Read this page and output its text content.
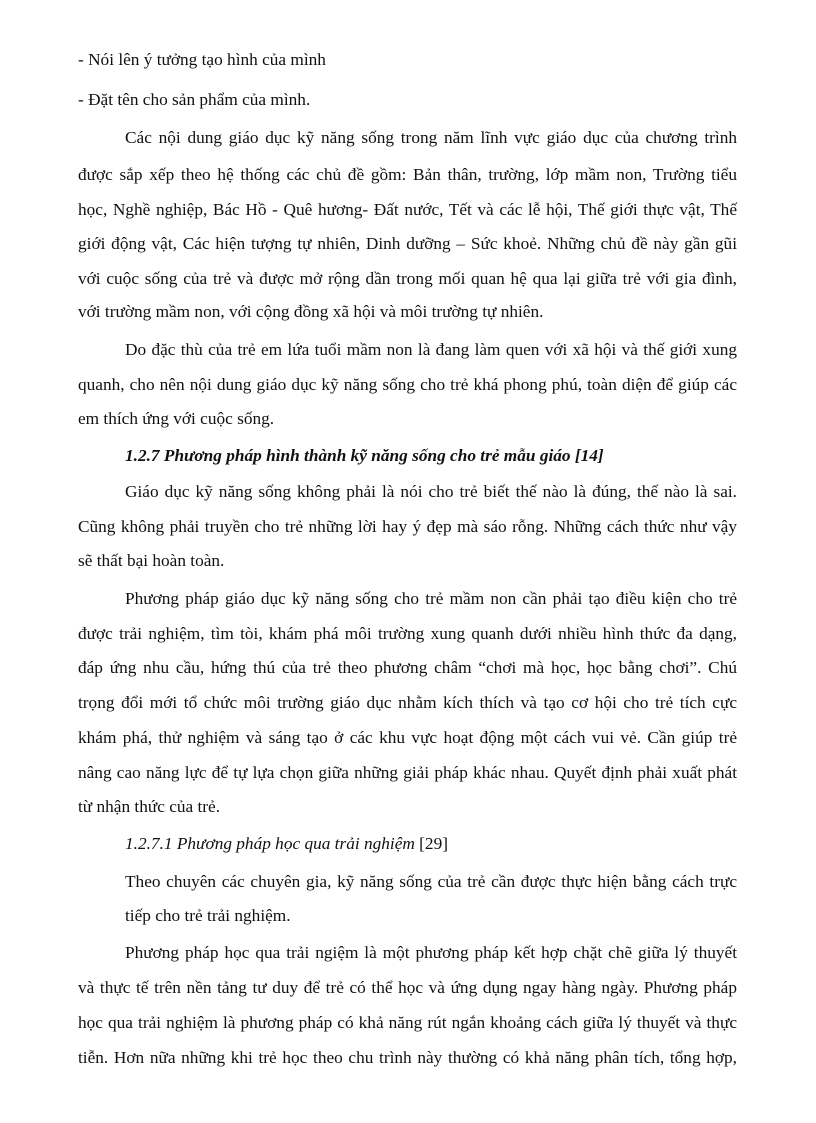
- Nói lên ý tưởng tạo hình của mình
- Đặt tên cho sản phẩm của mình.
Các nội dung giáo dục kỹ năng sống trong năm lĩnh vực giáo dục của chương trình
được sắp xếp theo hệ thống các chủ đề gồm: Bản thân, trường, lớp mầm non, Trường tiểu
học, Nghề nghiệp, Bác Hồ - Quê hương- Đất nước, Tết và các lễ hội, Thế giới thực vật, Thế
giới động vật, Các hiện tượng tự nhiên, Dinh dưỡng – Sức khoẻ. Những chủ đề này gần gũi
với cuộc sống của trẻ và được mở rộng dần trong mối quan hệ qua lại giữa trẻ với gia đình,
với trường mầm non, với cộng đồng xã hội và môi trường tự nhiên.
Do đặc thù của trẻ em lứa tuổi mầm non là đang làm quen với xã hội và thế giới xung
quanh, cho nên nội dung giáo dục kỹ năng sống cho trẻ khá phong phú, toàn diện để giúp các
em thích ứng với cuộc sống.
1.2.7 Phương pháp hình thành kỹ năng sống cho trẻ mẫu giáo [14]
Giáo dục kỹ năng sống không phải là nói cho trẻ biết thế nào là đúng, thế nào là sai.
Cũng không phải truyền cho trẻ những lời hay ý đẹp mà sáo rỗng. Những cách thức như vậy
sẽ thất bại hoàn toàn.
Phương pháp giáo dục kỹ năng sống cho trẻ mầm non cần phải tạo điều kiện cho trẻ
được trải nghiệm, tìm tòi, khám phá môi trường xung quanh dưới nhiều hình thức đa dạng,
đáp ứng nhu cầu, hứng thú của trẻ theo phương châm “chơi mà học, học bằng chơi”. Chú
trọng đổi mới tổ chức môi trường giáo dục nhằm kích thích và tạo cơ hội cho trẻ tích cực
khám phá, thử nghiệm và sáng tạo ở các khu vực hoạt động một cách vui vẻ. Cần giúp trẻ
nâng cao năng lực để tự lựa chọn giữa những giải pháp khác nhau. Quyết định phải xuất phát
từ nhận thức của trẻ.
1.2.7.1 Phương pháp học qua trải nghiệm [29]
Theo chuyên các chuyên gia, kỹ năng sống của trẻ cần được thực hiện bằng cách trực
tiếp cho trẻ trải nghiệm.
Phương pháp học qua trải ngiệm là một phương pháp kết hợp chặt chẽ giữa lý thuyết
và thực tế trên nền tảng tư duy để trẻ có thể học và ứng dụng ngay hàng ngày. Phương pháp
học qua trải nghiệm là phương pháp có khả năng rút ngắn khoảng cách giữa lý thuyết và thực
tiễn. Hơn nữa những khi trẻ học theo chu trình này thường có khả năng phân tích, tổng hợp,
